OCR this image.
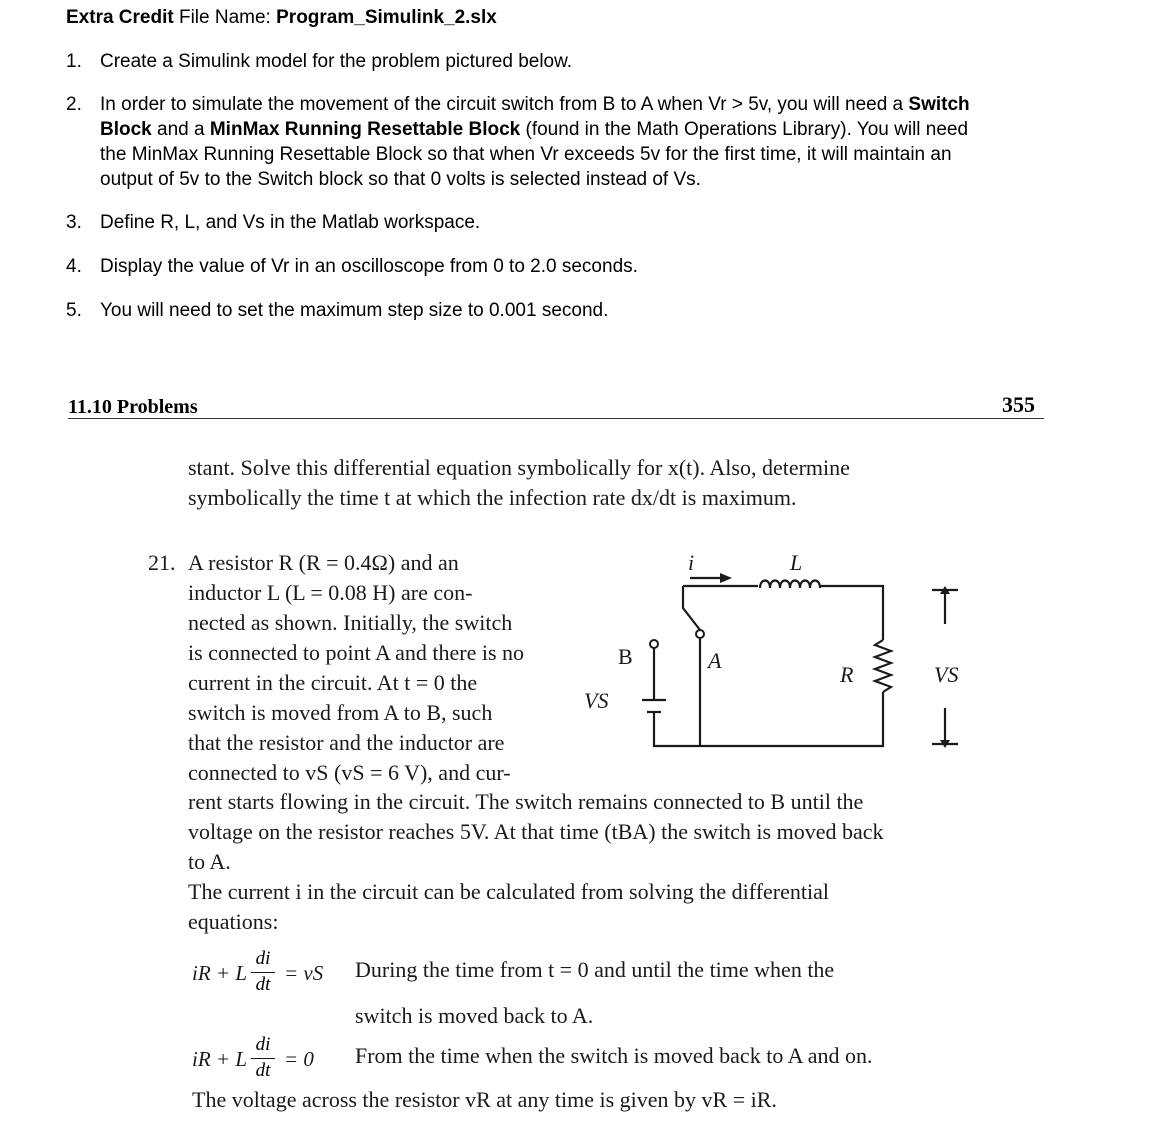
Extra Credit File Name: Program_Simulink_2.slx
1. Create a Simulink model for the problem pictured below.
2. In order to simulate the movement of the circuit switch from B to A when Vr > 5v, you will need a Switch
Block and a MinMax Running Resettable Block (found in the Math Operations Library). You will need
the MinMax Running Resettable Block so that when Vr exceeds 5v for the first time, it will maintain an
output of 5v to the Switch block so that 0 volts is selected instead of Vs.
3. Define R, L, and Vs in the Matlab workspace.
4. Display the value of Vr in an oscilloscope from 0 to 2.0 seconds.
5. You will need to set the maximum step size to 0.001 second.
11.10 Problems	355
stant. Solve this differential equation symbolically for x(t). Also, determine
symbolically the time t at which the infection rate dx/dt is maximum.
21. A resistor R (R = 0.4Ω) and an
inductor L (L = 0.08 H) are con-
nected as shown. Initially, the switch
is connected to point A and there is no
current in the circuit. At t = 0 the
switch is moved from A to B, such
that the resistor and the inductor are
connected to vS (vS = 6 V), and cur-
rent starts flowing in the circuit. The switch remains connected to B until the
voltage on the resistor reaches 5V. At that time (tBA) the switch is moved back
to A.
The current i in the circuit can be calculated from solving the differential
equations:
iR + L
di
dt = vS During the time from t = 0 and until the time when the
switch is moved back to A.
iR + L
di
dt = 0 From the time when the switch is moved back to A and on.
The voltage across the resistor vR at any time is given by vR = iR.
i	L
B	A
R
VS
VS
